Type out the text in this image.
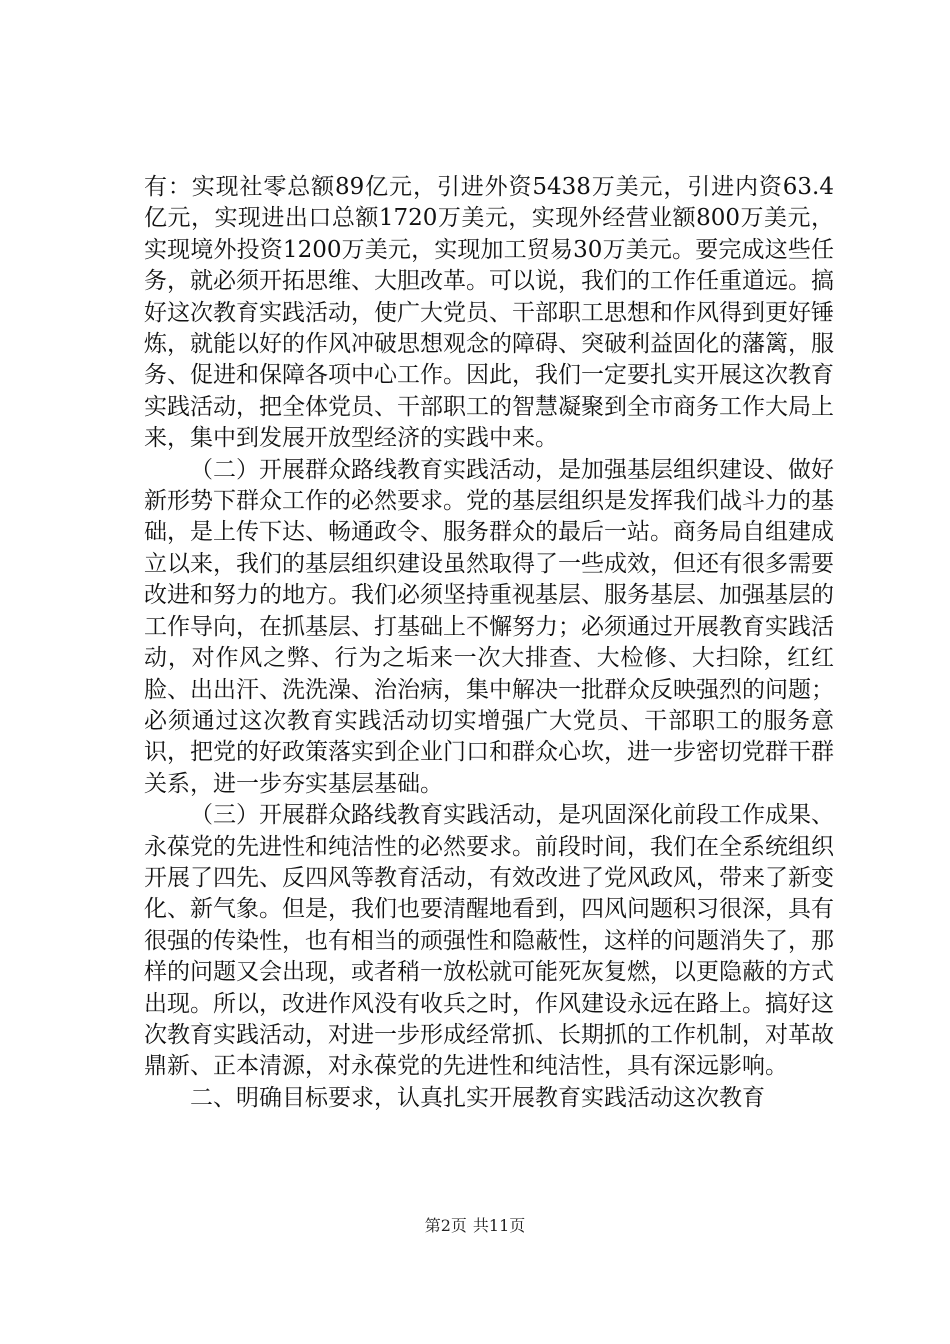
有：实现社零总额89亿元，引进外资5438万美元，引进内资63.4亿元，实现进出口总额1720万美元，实现外经营业额800万美元，实现境外投资1200万美元，实现加工贸易30万美元。要完成这些任务，就必须开拓思维、大胆改革。可以说，我们的工作任重道远。搞好这次教育实践活动，使广大党员、干部职工思想和作风得到更好锤炼，就能以好的作风冲破思想观念的障碍、突破利益固化的藩篱，服务、促进和保障各项中心工作。因此，我们一定要扎实开展这次教育实践活动，把全体党员、干部职工的智慧凝聚到全市商务工作大局上来，集中到发展开放型经济的实践中来。

（二）开展群众路线教育实践活动，是加强基层组织建设、做好新形势下群众工作的必然要求。党的基层组织是发挥我们战斗力的基础，是上传下达、畅通政令、服务群众的最后一站。商务局自组建成立以来，我们的基层组织建设虽然取得了一些成效，但还有很多需要改进和努力的地方。我们必须坚持重视基层、服务基层、加强基层的工作导向，在抓基层、打基础上不懈努力；必须通过开展教育实践活动，对作风之弊、行为之垢来一次大排查、大检修、大扫除，红红脸、出出汗、洗洗澡、治治病，集中解决一批群众反映强烈的问题；必须通过这次教育实践活动切实增强广大党员、干部职工的服务意识，把党的好政策落实到企业门口和群众心坎，进一步密切党群干群关系，进一步夯实基层基础。

（三）开展群众路线教育实践活动，是巩固深化前段工作成果、永葆党的先进性和纯洁性的必然要求。前段时间，我们在全系统组织开展了四先、反四风等教育活动，有效改进了党风政风，带来了新变化、新气象。但是，我们也要清醒地看到，四风问题积习很深，具有很强的传染性，也有相当的顽强性和隐蔽性，这样的问题消失了，那样的问题又会出现，或者稍一放松就可能死灰复燃，以更隐蔽的方式出现。所以，改进作风没有收兵之时，作风建设永远在路上。搞好这次教育实践活动，对进一步形成经常抓、长期抓的工作机制，对革故鼎新、正本清源，对永葆党的先进性和纯洁性，具有深远影响。

二、明确目标要求，认真扎实开展教育实践活动这次教育

第2页 共11页
